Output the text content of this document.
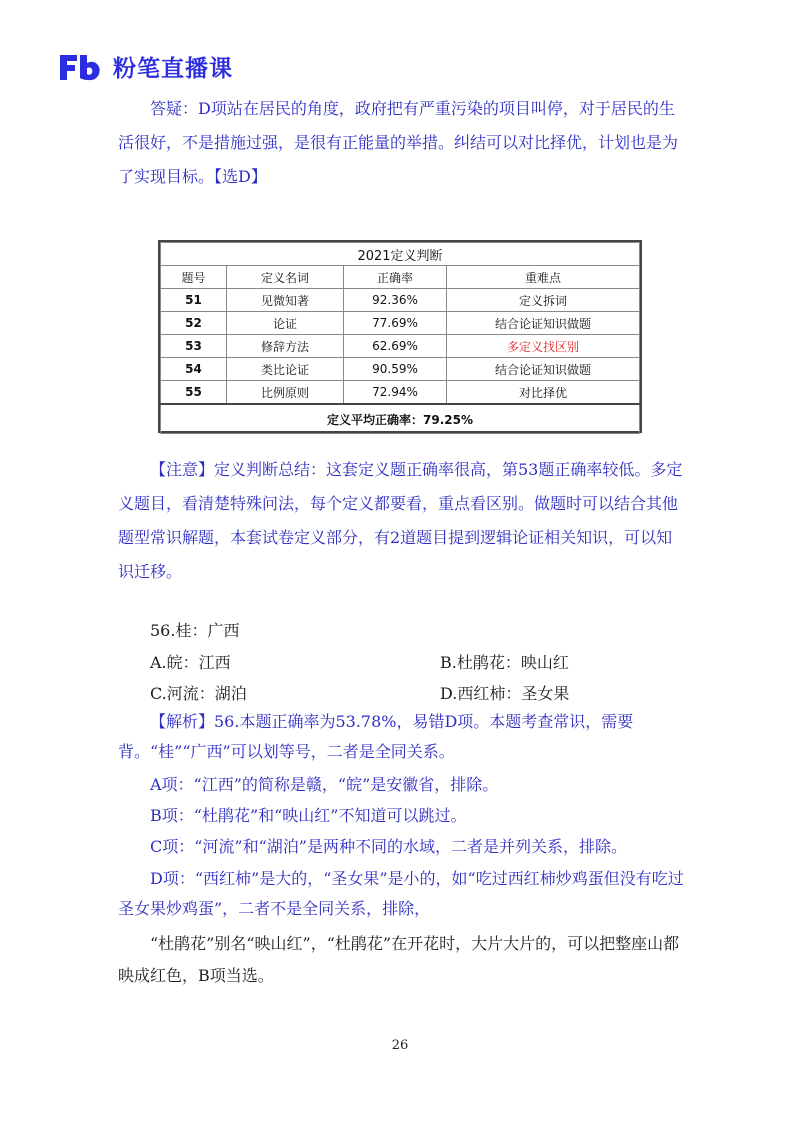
粉笔直播课
答疑：D项站在居民的角度，政府把有严重污染的项目叫停，对于居民的生活很好，不是措施过强，是很有正能量的举措。纠结可以对比择优，计划也是为了实现目标。【选D】
2021定义判断			
题号	定义名词	正确率	重难点
51	见微知著	92.36%	定义拆词
52	论证	77.69%	结合论证知识做题
53	修辞方法	62.69%	多定义找区别
54	类比论证	90.59%	结合论证知识做题
55	比例原则	72.94%	对比择优
定义平均正确率：79.25%			
【注意】定义判断总结：这套定义题正确率很高，第53题正确率较低。多定义题目，看清楚特殊问法，每个定义都要看，重点看区别。做题时可以结合其他题型常识解题，本套试卷定义部分，有2道题目提到逻辑论证相关知识，可以知识迁移。
56.桂：广西
A.皖：江西	B.杜鹃花：映山红
C.河流：湖泊	D.西红柿：圣女果
【解析】56.本题正确率为53.78%，易错D项。本题考查常识，需要背。“桂”“广西”可以划等号，二者是全同关系。
A项：“江西”的简称是赣，“皖”是安徽省，排除。
B项：“杜鹃花”和“映山红”不知道可以跳过。
C项：“河流”和“湖泊”是两种不同的水域，二者是并列关系，排除。
D项：“西红柿”是大的，“圣女果”是小的，如“吃过西红柿炒鸡蛋但没有吃过圣女果炒鸡蛋”，二者不是全同关系，排除，
“杜鹃花”别名“映山红”，“杜鹃花”在开花时，大片大片的，可以把整座山都映成红色，B项当选。
26
